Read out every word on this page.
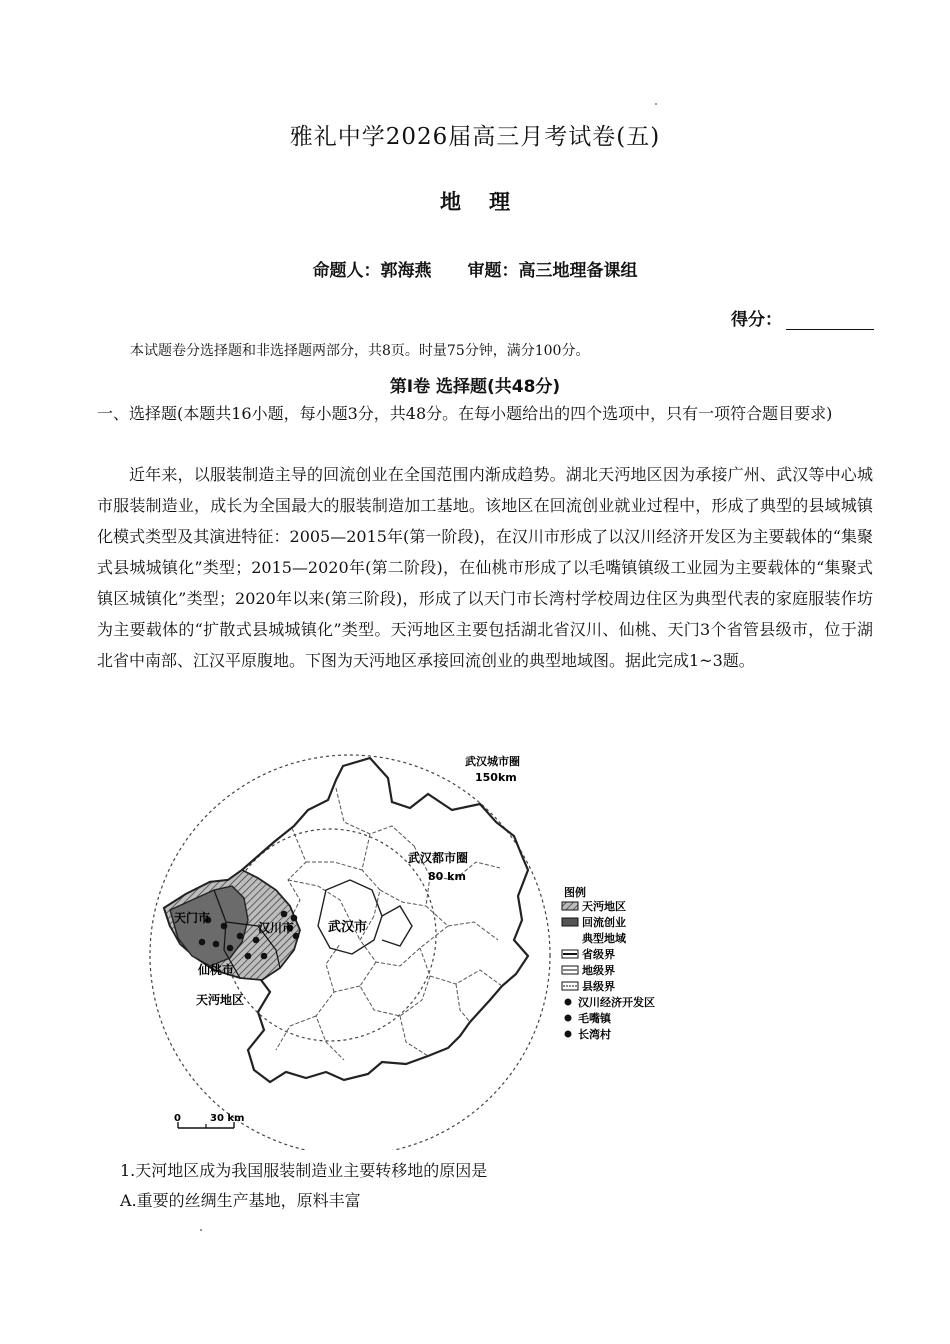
雅礼中学2026届高三月考试卷(五)
地理
命题人：郭海燕 审题：高三地理备课组
得分：
本试题卷分选择题和非选择题两部分，共8页。时量75分钟，满分100分。
第Ⅰ卷 选择题(共48分)
一、选择题(本题共16小题，每小题3分，共48分。在每小题给出的四个选项中，只有一项符合题目要求)
近年来，以服装制造主导的回流创业在全国范围内渐成趋势。湖北天沔地区因为承接广州、武汉等中心城市服装制造业，成长为全国最大的服装制造加工基地。该地区在回流创业就业过程中，形成了典型的县域城镇化模式类型及其演进特征：2005—2015年(第一阶段)，在汉川市形成了以汉川经济开发区为主要载体的“集聚式县城城镇化”类型；2015—2020年(第二阶段)，在仙桃市形成了以毛嘴镇镇级工业园为主要载体的“集聚式镇区城镇化”类型；2020年以来(第三阶段)，形成了以天门市长湾村学校周边住区为典型代表的家庭服装作坊为主要载体的“扩散式县城城镇化”类型。天沔地区主要包括湖北省汉川、仙桃、天门3个省管县级市，位于湖北省中南部、江汉平原腹地。下图为天沔地区承接回流创业的典型地域图。据此完成1~3题。
武汉城市圈
150km
武汉都市圈
80 km
武汉市
天门市
汉川市
仙桃市
天沔地区
0	30 km
图例
天沔地区
回流创业
典型地域
省级界
地级界
县级界
汉川经济开发区
毛嘴镇
长湾村
1.天河地区成为我国服装制造业主要转移地的原因是
A.重要的丝绸生产基地，原料丰富
